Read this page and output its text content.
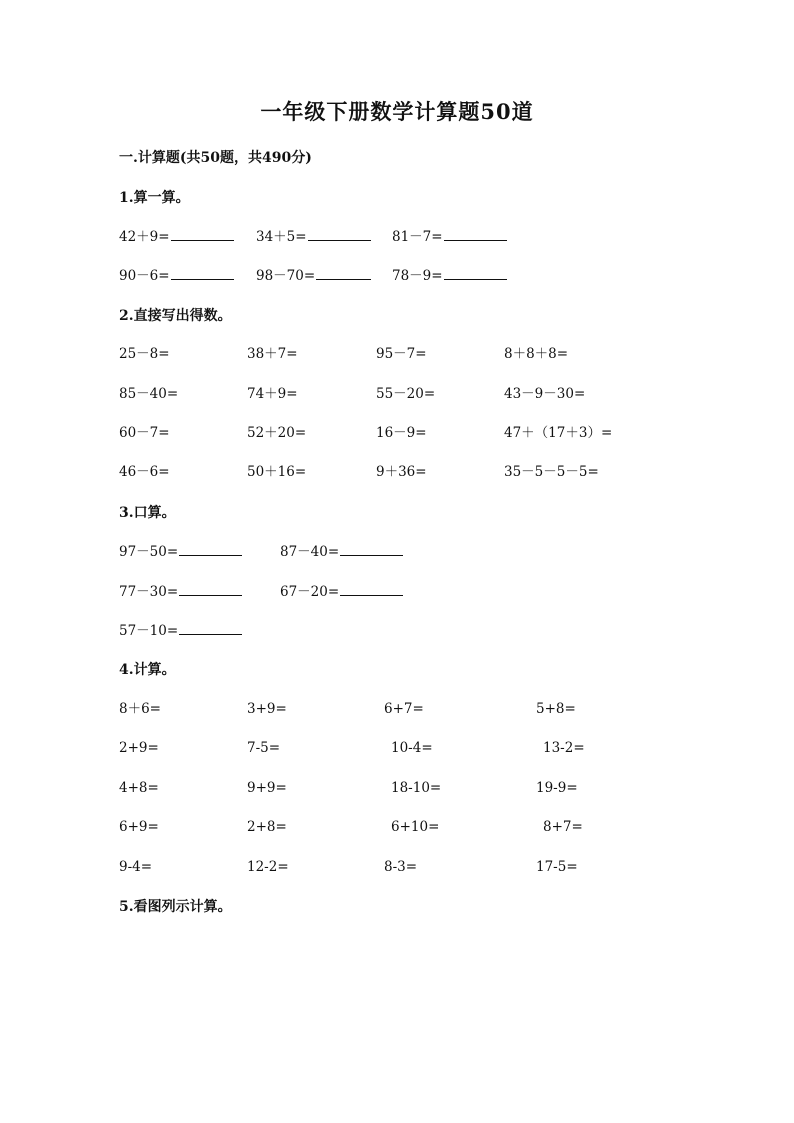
一年级下册数学计算题50道
一.计算题(共50题，共490分)
1.算一算。
42＋9=	34＋5=	81－7=
90－6=	98－70=	78－9=
2.直接写出得数。
25－8=	38＋7=	95－7=	8＋8＋8=
85－40=	74＋9=	55－20=	43－9－30=
60－7=	52＋20=	16－9=	47＋（17＋3）=
46－6=	50＋16=	9＋36=	35－5－5－5=
3.口算。
97－50=	87－40=
77－30=	67－20=
57－10=
4.计算。
8＋6=	3+9=	6+7=	5+8=
2+9=	7-5=	10-4=	13-2=
4+8=	9+9=	18-10=	19-9=
6+9=	2+8=	6+10=	8+7=
9-4=	12-2=	8-3=	17-5=
5.看图列示计算。
